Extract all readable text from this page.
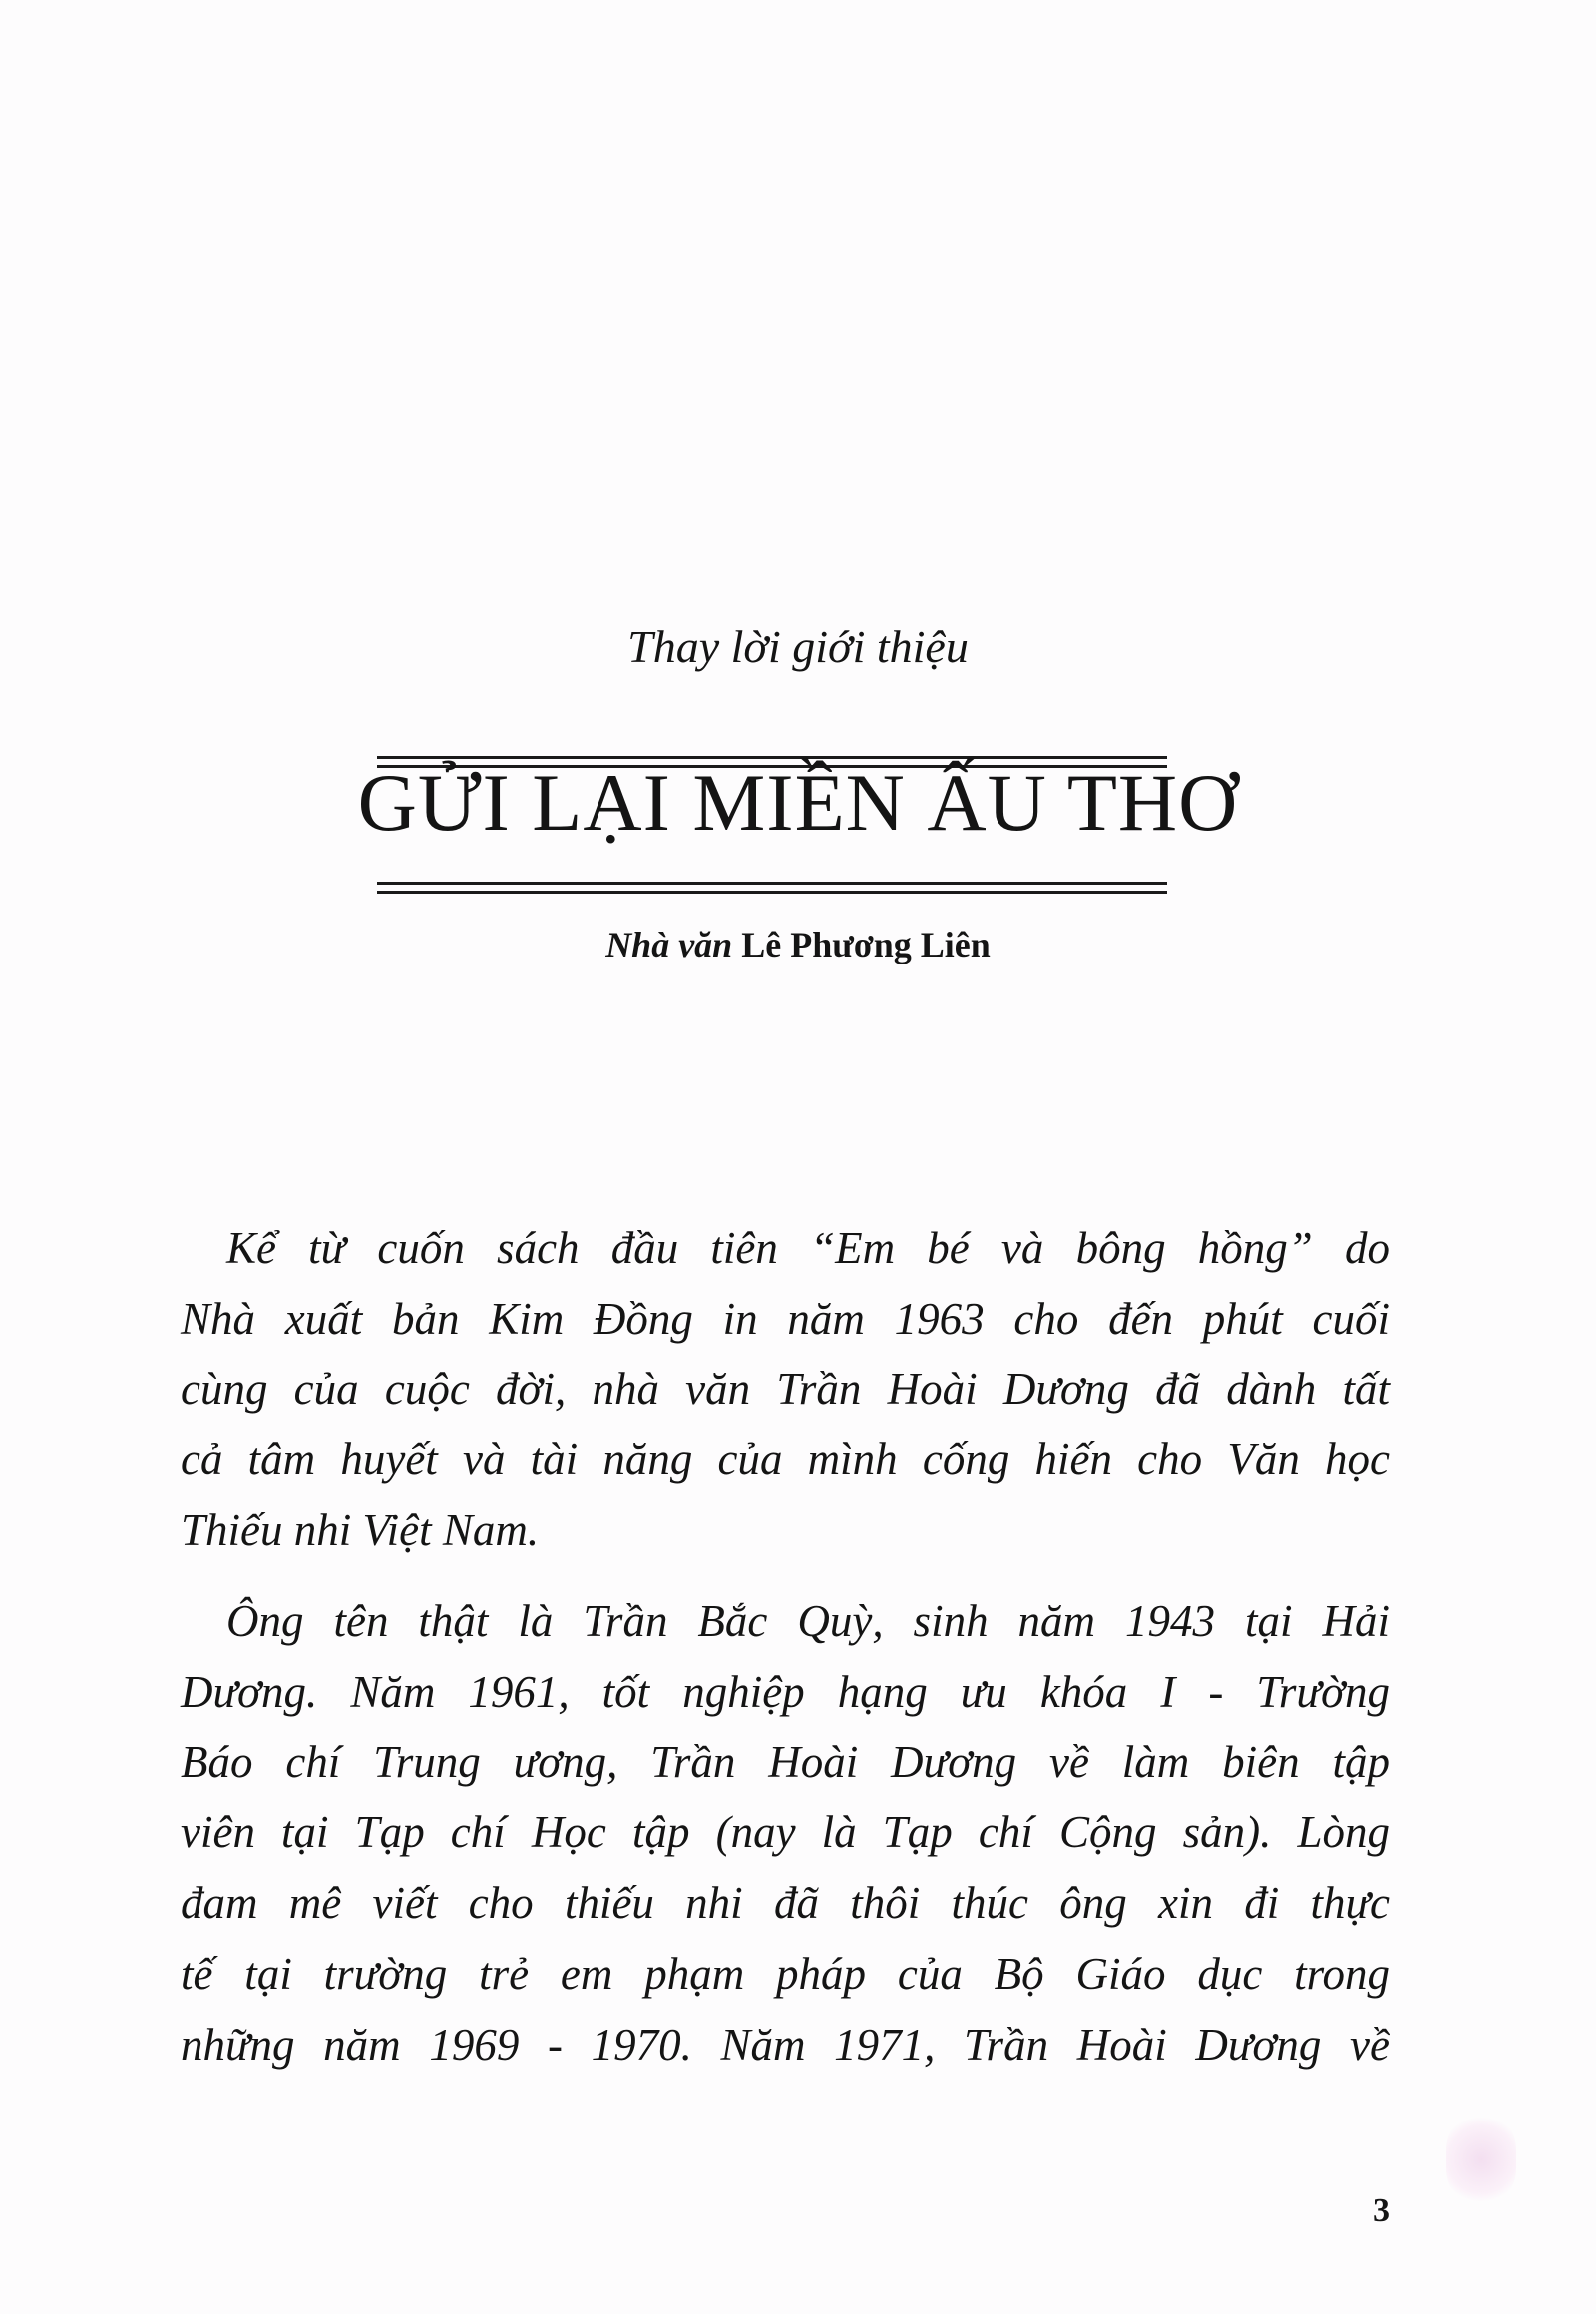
Thay lời giới thiệu
GỬI LẠI MIỀN ẤU THƠ
Nhà văn Lê Phương Liên
Kể từ cuốn sách đầu tiên “Em bé và bông hồng” do
Nhà xuất bản Kim Đồng in năm 1963 cho đến phút cuối
cùng của cuộc đời, nhà văn Trần Hoài Dương đã dành tất
cả tâm huyết và tài năng của mình cống hiến cho Văn học
Thiếu nhi Việt Nam.
Ông tên thật là Trần Bắc Quỳ, sinh năm 1943 tại Hải
Dương. Năm 1961, tốt nghiệp hạng ưu khóa I - Trường
Báo chí Trung ương, Trần Hoài Dương về làm biên tập
viên tại Tạp chí Học tập (nay là Tạp chí Cộng sản). Lòng
đam mê viết cho thiếu nhi đã thôi thúc ông xin đi thực
tế tại trường trẻ em phạm pháp của Bộ Giáo dục trong
những năm 1969 - 1970. Năm 1971, Trần Hoài Dương về
3
